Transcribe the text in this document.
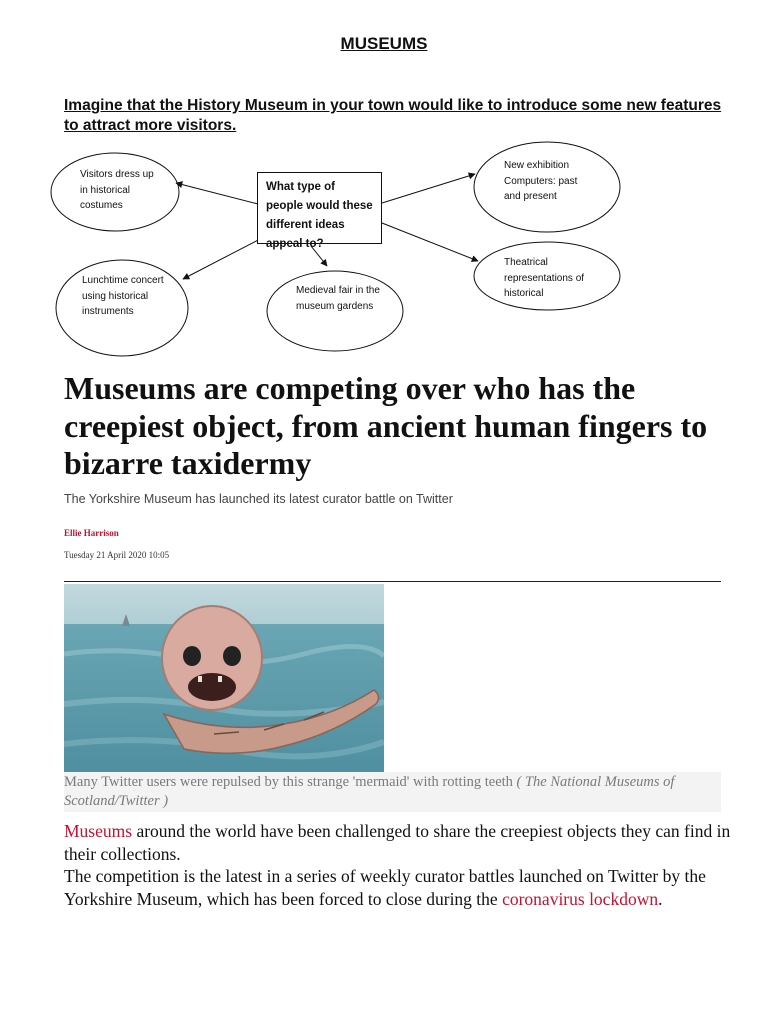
MUSEUMS
Imagine that the History Museum in your town would like to introduce some new features to attract more visitors.
What type of people would these different ideas appeal to?
Visitors dress up in historical costumes
New exhibition Computers: past and present
Lunchtime concert using historical instruments
Medieval fair in the museum gardens
Theatrical representations of historical
Museums are competing over who has the creepiest object, from ancient human fingers to bizarre taxidermy
The Yorkshire Museum has launched its latest curator battle on Twitter
Ellie Harrison
Tuesday 21 April 2020 10:05
Many Twitter users were repulsed by this strange 'mermaid' with rotting teeth ( The National Museums of Scotland/Twitter )
Museums around the world have been challenged to share the creepiest objects they can find in their collections.
The competition is the latest in a series of weekly curator battles launched on Twitter by the Yorkshire Museum, which has been forced to close during the coronavirus lockdown.
